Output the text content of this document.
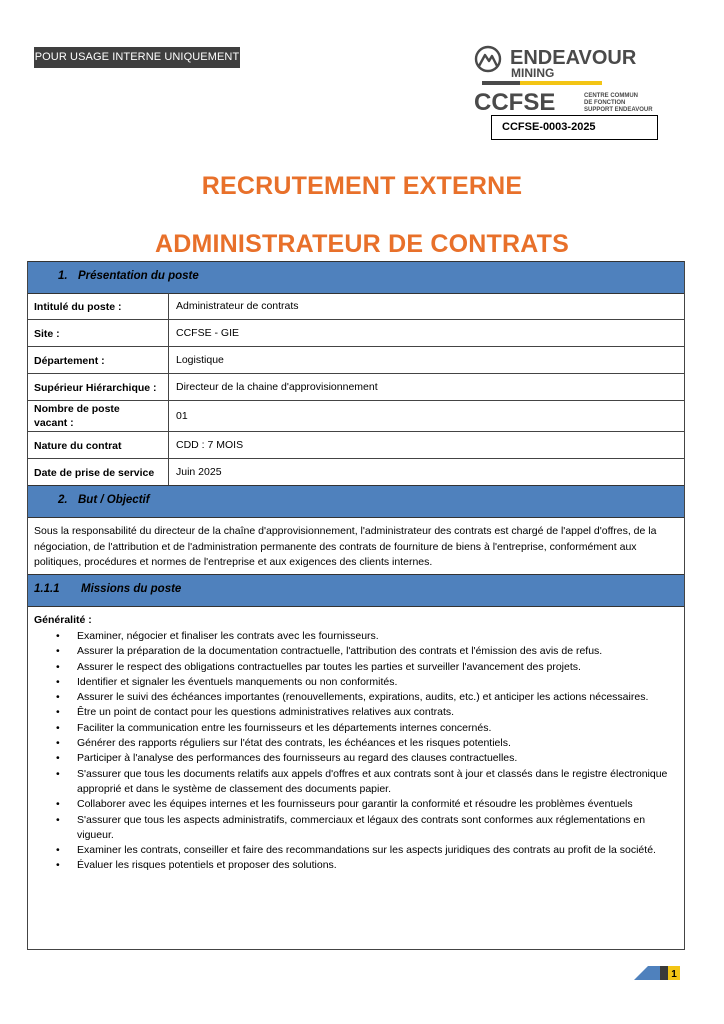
POUR USAGE INTERNE UNIQUEMENT	ENDEAVOUR
MINING
CCFSE	CENTRE COMMUN
DE FONCTION
SUPPORT ENDEAVOUR
CCFSE-0003-2025
RECRUTEMENT EXTERNE
ADMINISTRATEUR DE CONTRATS
1. Présentation du poste
Intitulé du poste :	Administrateur de contrats
Site :	CCFSE - GIE
Département :	Logistique
Supérieur Hiérarchique :	Directeur de la chaine d'approvisionnement
Nombre de poste vacant :
01
Nature du contrat	CDD : 7 MOIS
Date de prise de service	Juin 2025
2. But / Objectif
Sous la responsabilité du directeur de la chaîne d'approvisionnement, l'administrateur des contrats est chargé de l'appel d'offres, de la négociation, de l'attribution et de l'administration permanente des contrats de fourniture de biens à l'entreprise, conformément aux politiques, procédures et normes de l'entreprise et aux exigences des clients internes.
1.1.1 Missions du poste
Généralité :
• Examiner, négocier et finaliser les contrats avec les fournisseurs.
• Assurer la préparation de la documentation contractuelle, l'attribution des contrats et l'émission des avis de refus.
• Assurer le respect des obligations contractuelles par toutes les parties et surveiller l'avancement des projets.
• Identifier et signaler les éventuels manquements ou non conformités.
• Assurer le suivi des échéances importantes (renouvellements, expirations, audits, etc.) et anticiper les actions nécessaires.
• Être un point de contact pour les questions administratives relatives aux contrats.
• Faciliter la communication entre les fournisseurs et les départements internes concernés.
• Générer des rapports réguliers sur l'état des contrats, les échéances et les risques potentiels.
• Participer à l'analyse des performances des fournisseurs au regard des clauses contractuelles.
• S'assurer que tous les documents relatifs aux appels d'offres et aux contrats sont à jour et classés dans le registre électronique approprié et dans le système de classement des documents papier.
• Collaborer avec les équipes internes et les fournisseurs pour garantir la conformité et résoudre les problèmes éventuels
• S'assurer que tous les aspects administratifs, commerciaux et légaux des contrats sont conformes aux réglementations en vigueur.
• Examiner les contrats, conseiller et faire des recommandations sur les aspects juridiques des contrats au profit de la société.
• Évaluer les risques potentiels et proposer des solutions.
1
